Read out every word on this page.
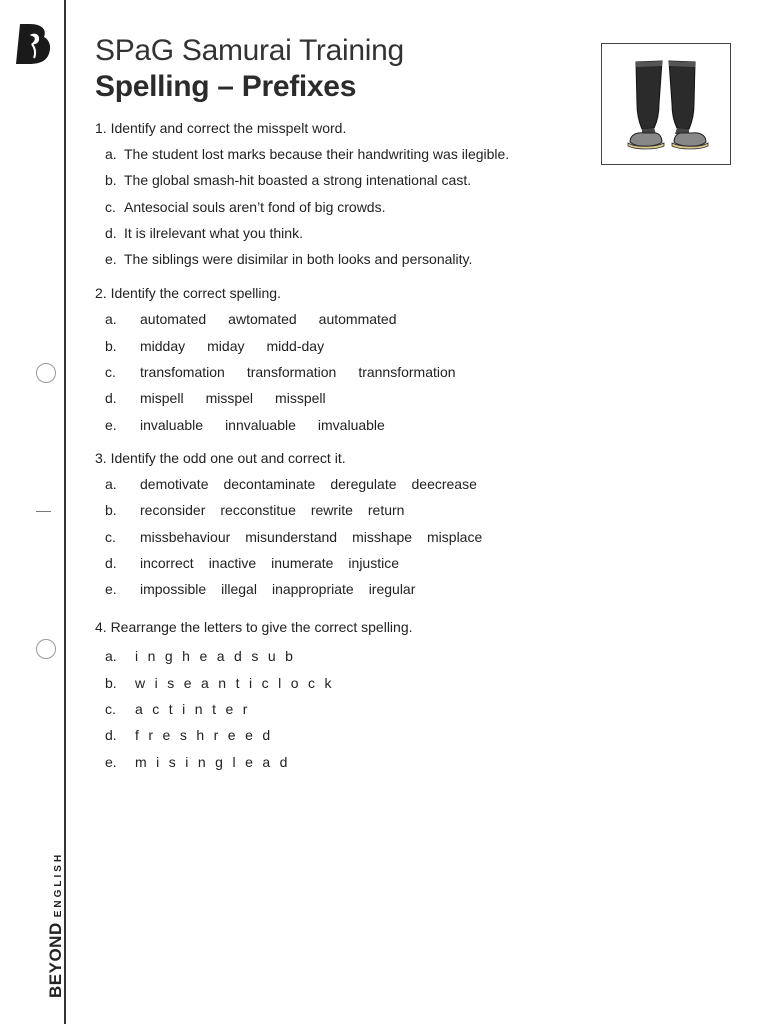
BEYOND
ENGLISH
SPaG Samurai Training
Spelling – Prefixes
1. Identify and correct the misspelt word.
a. The student lost marks because their handwriting was ilegible.
b. The global smash-hit boasted a strong intenational cast.
c. Antesocial souls aren’t fond of big crowds.
d. It is ilrelevant what you think.
e. The siblings were disimilar in both looks and personality.
2. Identify the correct spelling.
a.	automated awtomated autommated
b.	midday miday midd-day
c.	transfomation transformation trannsformation
d.	mispell misspel misspell
e.	invaluable innvaluable imvaluable
3. Identify the odd one out and correct it.
a.	demotivate decontaminate deregulate deecrease
b.	reconsider recconstitue rewrite return
c.	missbehaviour misunderstand misshape misplace
d.	incorrect inactive inumerate injustice
e.	impossible illegal inappropriate iregular
4. Rearrange the letters to give the correct spelling.
a.	ingheadsub
b.	wiseanticlock
c.	actinter
d.	freshreed
e.	misinglead
